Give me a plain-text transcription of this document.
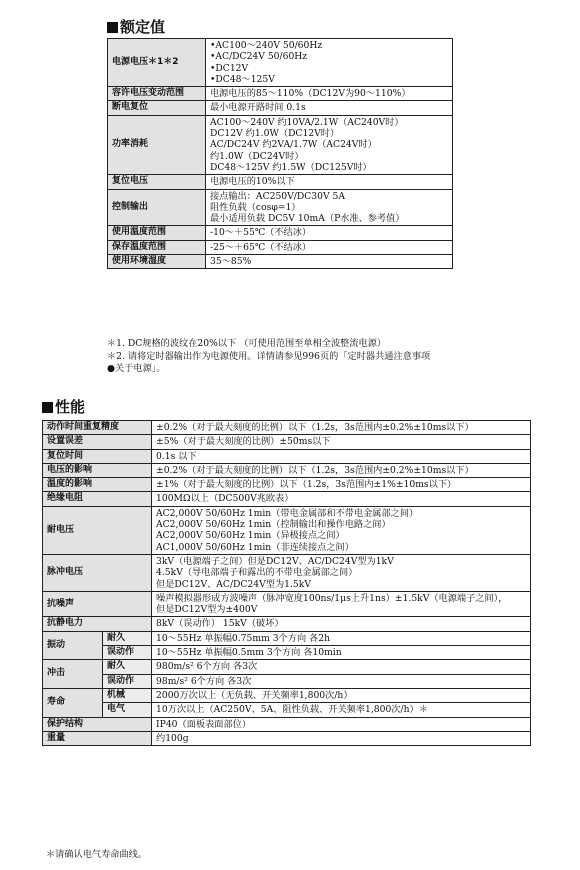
额定值
电源电压＊1＊2	•AC100～240V 50/60Hz
•AC/DC24V 50/60Hz
•DC12V
•DC48～125V

容许电压变动范围	电源电压的85～110%（DC12V为90～110%）

断电复位	最小电源开路时间 0.1s

功率消耗	AC100～240V 约10VA/2.1W（AC240V时）
DC12V 约1.0W（DC12V时）
AC/DC24V 约2VA/1.7W（AC24V时）
约1.0W（DC24V时）
DC48～125V 约1.5W（DC125V时）

复位电压	电源电压的10%以下

控制输出	接点输出：AC250V/DC30V 5A
阻性负载（cosφ=1）
最小适用负载 DC5V 10mA（P水准、参考值）

使用温度范围	-10～＋55℃（不结冰）

保存温度范围	-25～＋65℃（不结冰）

使用环境湿度	35～85%
＊1. DC规格的波纹在20%以下 （可使用范围至单相全波整流电源）
＊2. 请将定时器输出作为电源使用。详情请参见996页的「定时器共通注意事项
●关于电源」。
性能
动作时间重复精度		±0.2%（对于最大刻度的比例）以下（1.2s，3s范围内±0.2%±10ms以下）

设置误差		±5%（对于最大刻度的比例）±50ms以下

复位时间		0.1s 以下

电压的影响		±0.2%（对于最大刻度的比例）以下（1.2s，3s范围内±0.2%±10ms以下）

温度的影响		±1%（对于最大刻度的比例）以下（1.2s，3s范围内±1%±10ms以下）

绝缘电阻		100MΩ以上（DC500V兆欧表）

耐电压		AC2,000V 50/60Hz 1min（带电金属部和不带电金属部之间）
AC2,000V 50/60Hz 1min（控制输出和操作电路之间）
AC2,000V 50/60Hz 1min（异极接点之间）
AC1,000V 50/60Hz 1min（非连续接点之间）

脉冲电压		3kV（电源端子之间）但是DC12V、AC/DC24V型为1kV
4.5kV（导电部端子和露出的不带电金属部之间）
但是DC12V、AC/DC24V型为1.5kV

抗噪声		噪声模拟器形成方波噪声（脉冲宽度100ns/1μs上升1ns）±1.5kV（电源端子之间），
但是DC12V型为±400V

抗静电力		8kV（误动作） 15kV（破坏）

振动	耐久	10～55Hz 单振幅0.75mm 3个方向 各2h
	误动作	10～55Hz 单振幅0.5mm 3个方向 各10min
冲击	耐久	980m/s² 6个方向 各3次
	误动作	98m/s² 6个方向 各3次
寿命	机械	2000万次以上（无负载、开关频率1,800次/h）
	电气	10万次以上（AC250V、5A、阻性负载、开关频率1,800次/h）＊
保护结构		IP40（面板表面部位）

重量		约100g
＊请确认电气寿命曲线。
